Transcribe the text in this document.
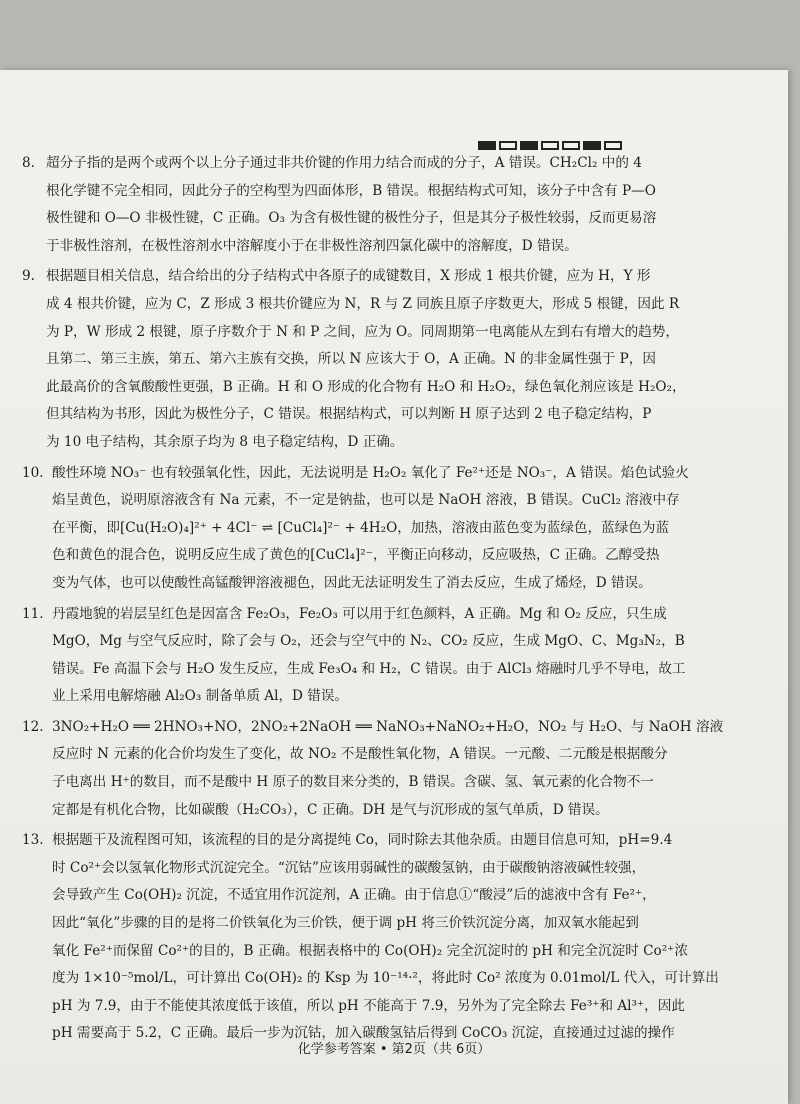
8. 超分子指的是两个或两个以上分子通过非共价键的作用力结合而成的分子，A 错误。CH₂Cl₂ 中的 4
根化学键不完全相同，因此分子的空构型为四面体形，B 错误。根据结构式可知，该分子中含有 P—O
极性键和 O—O 非极性键，C 正确。O₃ 为含有极性键的极性分子，但是其分子极性较弱，反而更易溶
于非极性溶剂，在极性溶剂水中溶解度小于在非极性溶剂四氯化碳中的溶解度，D 错误。
9. 根据题目相关信息，结合给出的分子结构式中各原子的成键数目，X 形成 1 根共价键，应为 H，Y 形
成 4 根共价键，应为 C，Z 形成 3 根共价键应为 N，R 与 Z 同族且原子序数更大，形成 5 根键，因此 R
为 P，W 形成 2 根键，原子序数介于 N 和 P 之间，应为 O。同周期第一电离能从左到右有增大的趋势，
且第二、第三主族，第五、第六主族有交换，所以 N 应该大于 O，A 正确。N 的非金属性强于 P，因
此最高价的含氧酸酸性更强，B 正确。H 和 O 形成的化合物有 H₂O 和 H₂O₂，绿色氧化剂应该是 H₂O₂，
但其结构为书形，因此为极性分子，C 错误。根据结构式，可以判断 H 原子达到 2 电子稳定结构，P
为 10 电子结构，其余原子均为 8 电子稳定结构，D 正确。
10. 酸性环境 NO₃⁻ 也有较强氧化性，因此，无法说明是 H₂O₂ 氧化了 Fe²⁺还是 NO₃⁻，A 错误。焰色试验火
焰呈黄色，说明原溶液含有 Na 元素，不一定是钠盐，也可以是 NaOH 溶液，B 错误。CuCl₂ 溶液中存
在平衡，即[Cu(H₂O)₄]²⁺ + 4Cl⁻ ⇌ [CuCl₄]²⁻ + 4H₂O，加热，溶液由蓝色变为蓝绿色，蓝绿色为蓝
色和黄色的混合色，说明反应生成了黄色的[CuCl₄]²⁻，平衡正向移动，反应吸热，C 正确。乙醇受热
变为气体，也可以使酸性高锰酸钾溶液褪色，因此无法证明发生了消去反应，生成了烯烃，D 错误。
11. 丹霞地貌的岩层呈红色是因富含 Fe₂O₃，Fe₂O₃ 可以用于红色颜料，A 正确。Mg 和 O₂ 反应，只生成
MgO，Mg 与空气反应时，除了会与 O₂，还会与空气中的 N₂、CO₂ 反应，生成 MgO、C、Mg₃N₂，B
错误。Fe 高温下会与 H₂O 发生反应，生成 Fe₃O₄ 和 H₂，C 错误。由于 AlCl₃ 熔融时几乎不导电，故工
业上采用电解熔融 Al₂O₃ 制备单质 Al，D 错误。
12. 3NO₂+H₂O ══ 2HNO₃+NO，2NO₂+2NaOH ══ NaNO₃+NaNO₂+H₂O，NO₂ 与 H₂O、与 NaOH 溶液
反应时 N 元素的化合价均发生了变化，故 NO₂ 不是酸性氧化物，A 错误。一元酸、二元酸是根据酸分
子电离出 H⁺的数目，而不是酸中 H 原子的数目来分类的，B 错误。含碳、氢、氧元素的化合物不一
定都是有机化合物，比如碳酸（H₂CO₃），C 正确。DH 是气与沉形成的氢气单质，D 错误。
13. 根据题干及流程图可知，该流程的目的是分离提纯 Co，同时除去其他杂质。由题目信息可知，pH=9.4
时 Co²⁺会以氢氧化物形式沉淀完全。“沉钴”应该用弱碱性的碳酸氢钠，由于碳酸钠溶液碱性较强，
会导致产生 Co(OH)₂ 沉淀，不适宜用作沉淀剂，A 正确。由于信息①“酸浸”后的滤液中含有 Fe²⁺，
因此“氧化”步骤的目的是将二价铁氧化为三价铁，便于调 pH 将三价铁沉淀分离，加双氧水能起到
氧化 Fe²⁺而保留 Co²⁺的目的，B 正确。根据表格中的 Co(OH)₂ 完全沉淀时的 pH 和完全沉淀时 Co²⁺浓
度为 1×10⁻⁵mol/L，可计算出 Co(OH)₂ 的 Ksp 为 10⁻¹⁴·²，将此时 Co² 浓度为 0.01mol/L 代入，可计算出
pH 为 7.9，由于不能使其浓度低于该值，所以 pH 不能高于 7.9，另外为了完全除去 Fe³⁺和 Al³⁺，因此
pH 需要高于 5.2，C 正确。最后一步为沉钴，加入碳酸氢钴后得到 CoCO₃ 沉淀，直接通过过滤的操作
化学参考答案 • 第2页（共 6页）
